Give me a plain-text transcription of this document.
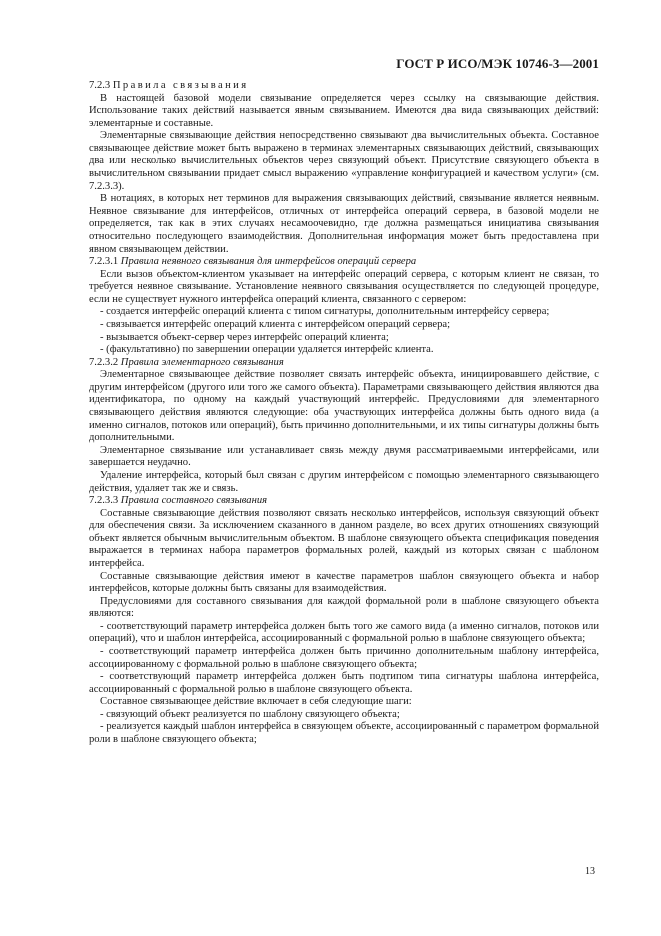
ГОСТ Р ИСО/МЭК 10746-3—2001

7.2.3 Правила связывания

В настоящей базовой модели связывание определяется через ссылку на связывающие действия. Использование таких действий называется явным связыванием. Имеются два вида связывающих действий: элементарные и составные.

Элементарные связывающие действия непосредственно связывают два вычислительных объекта. Составное связывающее действие может быть выражено в терминах элементарных связывающих действий, связывающих два или несколько вычислительных объектов через связующий объект. Присутствие связующего объекта в вычислительном связывании придает смысл выражению «управление конфигурацией и качеством услуги» (см. 7.2.3.3).

В нотациях, в которых нет терминов для выражения связывающих действий, связывание является неявным. Неявное связывание для интерфейсов, отличных от интерфейса операций сервера, в базовой модели не определяется, так как в этих случаях несамоочевидно, где должна размещаться инициатива связывания относительно последующего взаимодействия. Дополнительная информация может быть предоставлена при явном связывающем действии.

7.2.3.1 Правила неявного связывания для интерфейсов операций сервера

Если вызов объектом-клиентом указывает на интерфейс операций сервера, с которым клиент не связан, то требуется неявное связывание. Установление неявного связывания осуществляется по следующей процедуре, если не существует нужного интерфейса операций клиента, связанного с сервером:

- создается интерфейс операций клиента с типом сигнатуры, дополнительным интерфейсу сервера;

- связывается интерфейс операций клиента с интерфейсом операций сервера;

- вызывается объект-сервер через интерфейс операций клиента;

- (факультативно) по завершении операции удаляется интерфейс клиента.

7.2.3.2 Правила элементарного связывания

Элементарное связывающее действие позволяет связать интерфейс объекта, инициировавшего действие, с другим интерфейсом (другого или того же самого объекта). Параметрами связывающего действия являются два идентификатора, по одному на каждый участвующий интерфейс. Предусловиями для элементарного связывающего действия являются следующие: оба участвующих интерфейса должны быть одного вида (а именно сигналов, потоков или операций), быть причинно дополнительными, и их типы сигнатуры должны быть дополнительными.

Элементарное связывание или устанавливает связь между двумя рассматриваемыми интерфейсами, или завершается неудачно.

Удаление интерфейса, который был связан с другим интерфейсом с помощью элементарного связывающего действия, удаляет так же и связь.

7.2.3.3 Правила составного связывания

Составные связывающие действия позволяют связать несколько интерфейсов, используя связующий объект для обеспечения связи. За исключением сказанного в данном разделе, во всех других отношениях связующий объект является обычным вычислительным объектом. В шаблоне связующего объекта спецификация поведения выражается в терминах набора параметров формальных ролей, каждый из которых связан с шаблоном интерфейса.

Составные связывающие действия имеют в качестве параметров шаблон связующего объекта и набор интерфейсов, которые должны быть связаны для взаимодействия.

Предусловиями для составного связывания для каждой формальной роли в шаблоне связующего объекта являются:

- соответствующий параметр интерфейса должен быть того же самого вида (а именно сигналов, потоков или операций), что и шаблон интерфейса, ассоциированный с формальной ролью в шаблоне связующего объекта;

- соответствующий параметр интерфейса должен быть причинно дополнительным шаблону интерфейса, ассоциированному с формальной ролью в шаблоне связующего объекта;

- соответствующий параметр интерфейса должен быть подтипом типа сигнатуры шаблона интерфейса, ассоциированный с формальной ролью в шаблоне связующего объекта.

Составное связывающее действие включает в себя следующие шаги:

- связующий объект реализуется по шаблону связующего объекта;

- реализуется каждый шаблон интерфейса в связующем объекте, ассоциированный с параметром формальной роли в шаблоне связующего объекта;

13
